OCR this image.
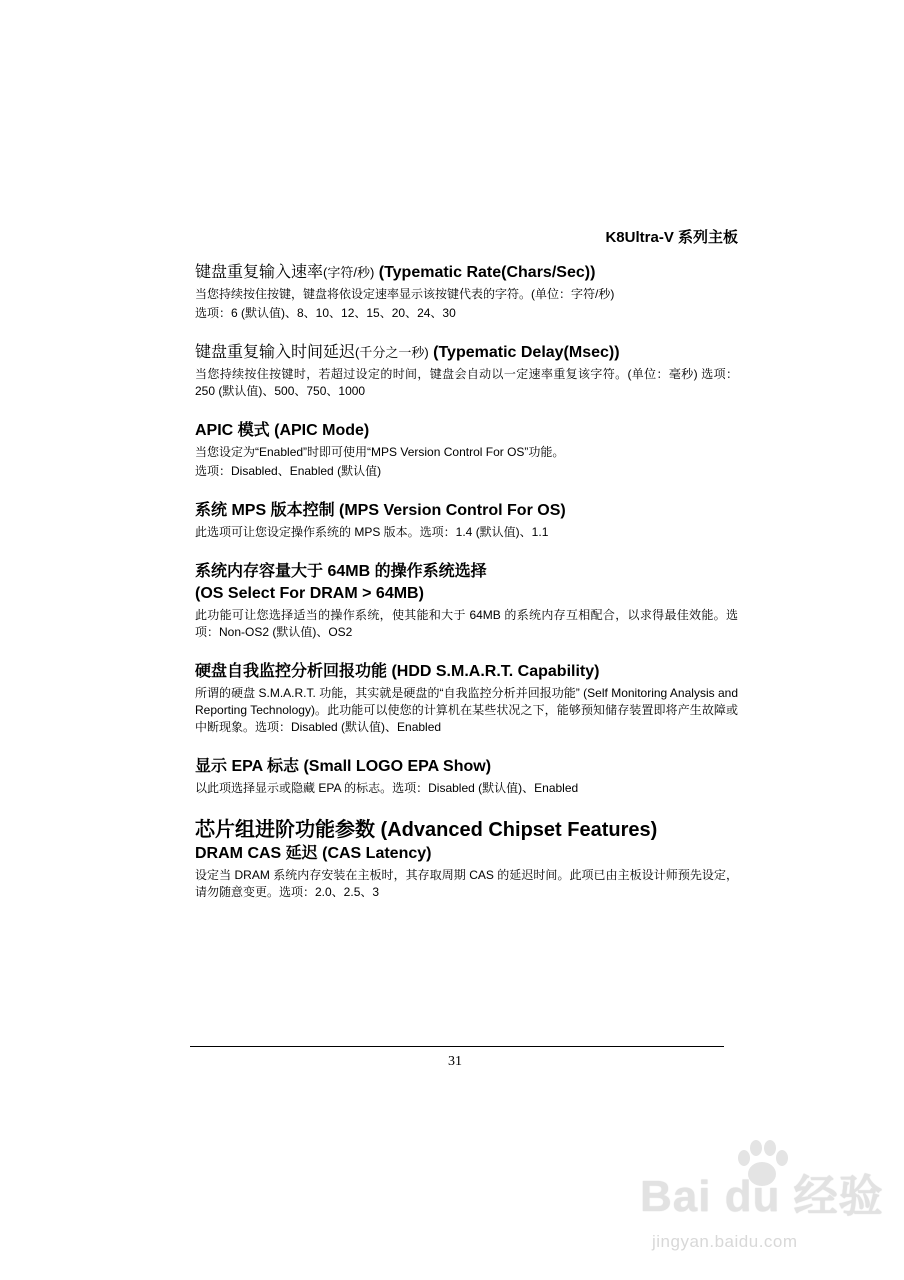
K8Ultra-V 系列主板

键盘重复输入速率(字符/秒) (Typematic Rate(Chars/Sec))

当您持续按住按键，键盘将依设定速率显示该按键代表的字符。(单位：字符/秒)

选项：6 (默认值)、8、10、12、15、20、24、30

键盘重复输入时间延迟(千分之一秒) (Typematic Delay(Msec))

当您持续按住按键时，若超过设定的时间，键盘会自动以一定速率重复该字符。(单位：毫秒) 选项：250 (默认值)、500、750、1000

APIC 模式 (APIC Mode)

当您设定为“Enabled”时即可使用“MPS Version Control For OS”功能。

选项：Disabled、Enabled (默认值)

系统 MPS 版本控制 (MPS Version Control For OS)

此选项可让您设定操作系统的 MPS 版本。选项：1.4 (默认值)、1.1

系统内存容量大于 64MB 的操作系统选择

(OS Select For DRAM > 64MB)

此功能可让您选择适当的操作系统，使其能和大于 64MB 的系统内存互相配合，以求得最佳效能。选项：Non-OS2 (默认值)、OS2

硬盘自我监控分析回报功能 (HDD S.M.A.R.T. Capability)

所谓的硬盘 S.M.A.R.T. 功能，其实就是硬盘的“自我监控分析并回报功能” (Self Monitoring Analysis and Reporting Technology)。此功能可以使您的计算机在某些状况之下，能够预知储存装置即将产生故障或中断现象。选项：Disabled (默认值)、Enabled

显示 EPA 标志 (Small LOGO EPA Show)

以此项选择显示或隐藏 EPA 的标志。选项：Disabled (默认值)、Enabled

芯片组进阶功能参数 (Advanced Chipset Features)

DRAM CAS 延迟 (CAS Latency)

设定当 DRAM 系统内存安装在主板时，其存取周期 CAS 的延迟时间。此项已由主板设计师预先设定，请勿随意变更。选项：2.0、2.5、3

31
Bai du 经验
jingyan.baidu.com
